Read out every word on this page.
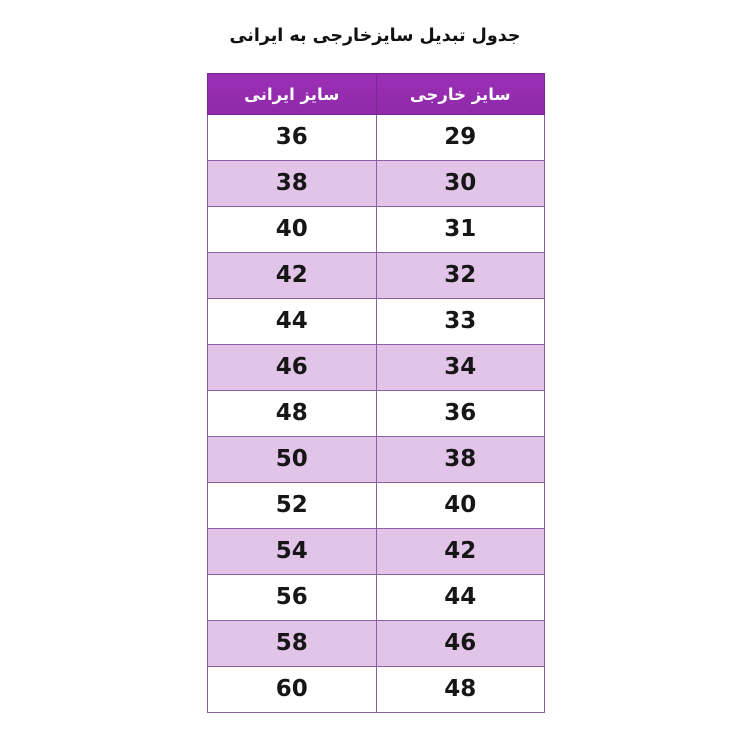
جدول تبدیل سایزخارجی به ایرانی
سایز خارجی	سایز ایرانی

29	36

30	38

31	40

32	42

33	44

34	46

36	48

38	50

40	52

42	54

44	56

46	58

48	60
